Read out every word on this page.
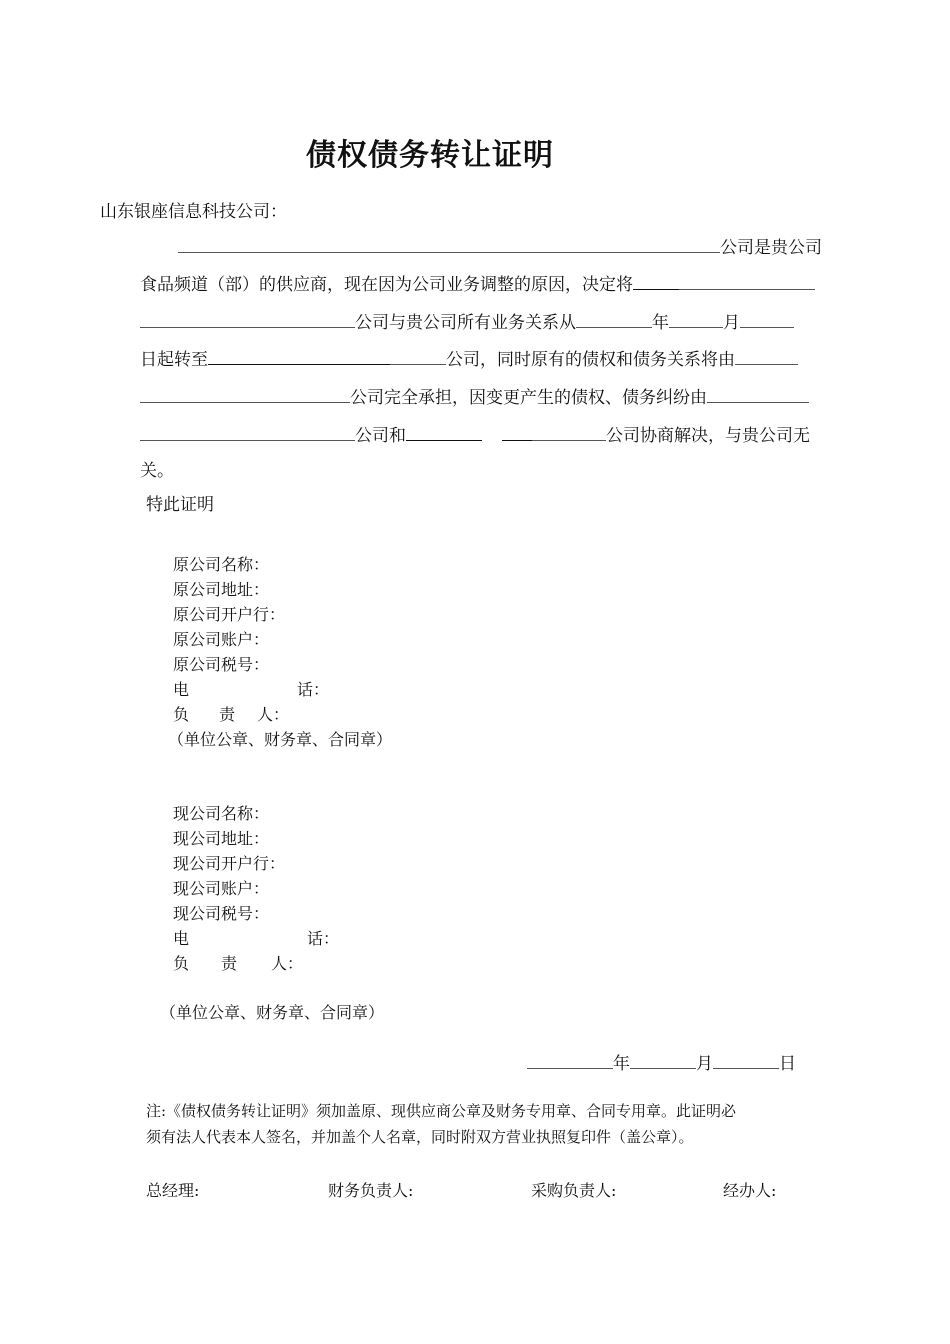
债权债务转让证明
山东银座信息科技公司：
公司是贵公司
食品频道（部）的供应商，现在因为公司业务调整的原因，决定将
公司与贵公司所有业务关系从	年	月
日起转至	公司，同时原有的债权和债务关系将由
公司完全承担，因变更产生的债权、债务纠纷由
公司和	公司协商解决，与贵公司无
关。
特此证明
原公司名称：
原公司地址：
原公司开户行：
原公司账户：
原公司税号：
电	话：
负 责 人：
（单位公章、财务章、合同章）
现公司名称：
现公司地址：
现公司开户行：
现公司账户：
现公司税号：
电	话：
负 责 人：
（单位公章、财务章、合同章）
年	月	日
注:《债权债务转让证明》须加盖原、现供应商公章及财务专用章、合同专用章。此证明必
须有法人代表本人签名，并加盖个人名章，同时附双方营业执照复印件（盖公章）。
总经理:	财务负责人:	采购负责人:	经办人:
